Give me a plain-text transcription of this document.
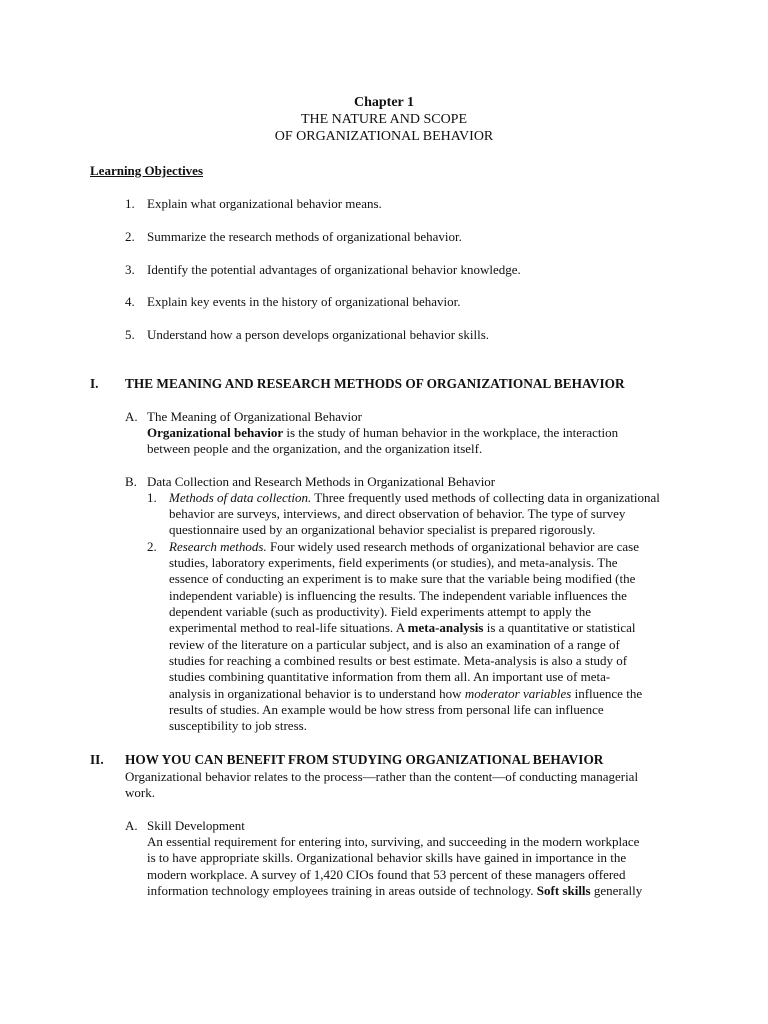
Chapter 1
THE NATURE AND SCOPE
OF ORGANIZATIONAL BEHAVIOR
Learning Objectives
1. Explain what organizational behavior means.
2. Summarize the research methods of organizational behavior.
3. Identify the potential advantages of organizational behavior knowledge.
4. Explain key events in the history of organizational behavior.
5. Understand how a person develops organizational behavior skills.
I. THE MEANING AND RESEARCH METHODS OF ORGANIZATIONAL BEHAVIOR
A. The Meaning of Organizational Behavior
Organizational behavior is the study of human behavior in the workplace, the interaction
between people and the organization, and the organization itself.
B. Data Collection and Research Methods in Organizational Behavior
1. Methods of data collection. Three frequently used methods of collecting data in organizational
behavior are surveys, interviews, and direct observation of behavior. The type of survey
questionnaire used by an organizational behavior specialist is prepared rigorously.
2. Research methods. Four widely used research methods of organizational behavior are case
studies, laboratory experiments, field experiments (or studies), and meta-analysis. The
essence of conducting an experiment is to make sure that the variable being modified (the
independent variable) is influencing the results. The independent variable influences the
dependent variable (such as productivity). Field experiments attempt to apply the
experimental method to real-life situations. A meta-analysis is a quantitative or statistical
review of the literature on a particular subject, and is also an examination of a range of
studies for reaching a combined results or best estimate. Meta-analysis is also a study of
studies combining quantitative information from them all. An important use of meta-
analysis in organizational behavior is to understand how moderator variables influence the
results of studies. An example would be how stress from personal life can influence
susceptibility to job stress.
II. HOW YOU CAN BENEFIT FROM STUDYING ORGANIZATIONAL BEHAVIOR
Organizational behavior relates to the process—rather than the content—of conducting managerial
work.
A. Skill Development
An essential requirement for entering into, surviving, and succeeding in the modern workplace
is to have appropriate skills. Organizational behavior skills have gained in importance in the
modern workplace. A survey of 1,420 CIOs found that 53 percent of these managers offered
information technology employees training in areas outside of technology. Soft skills generally
